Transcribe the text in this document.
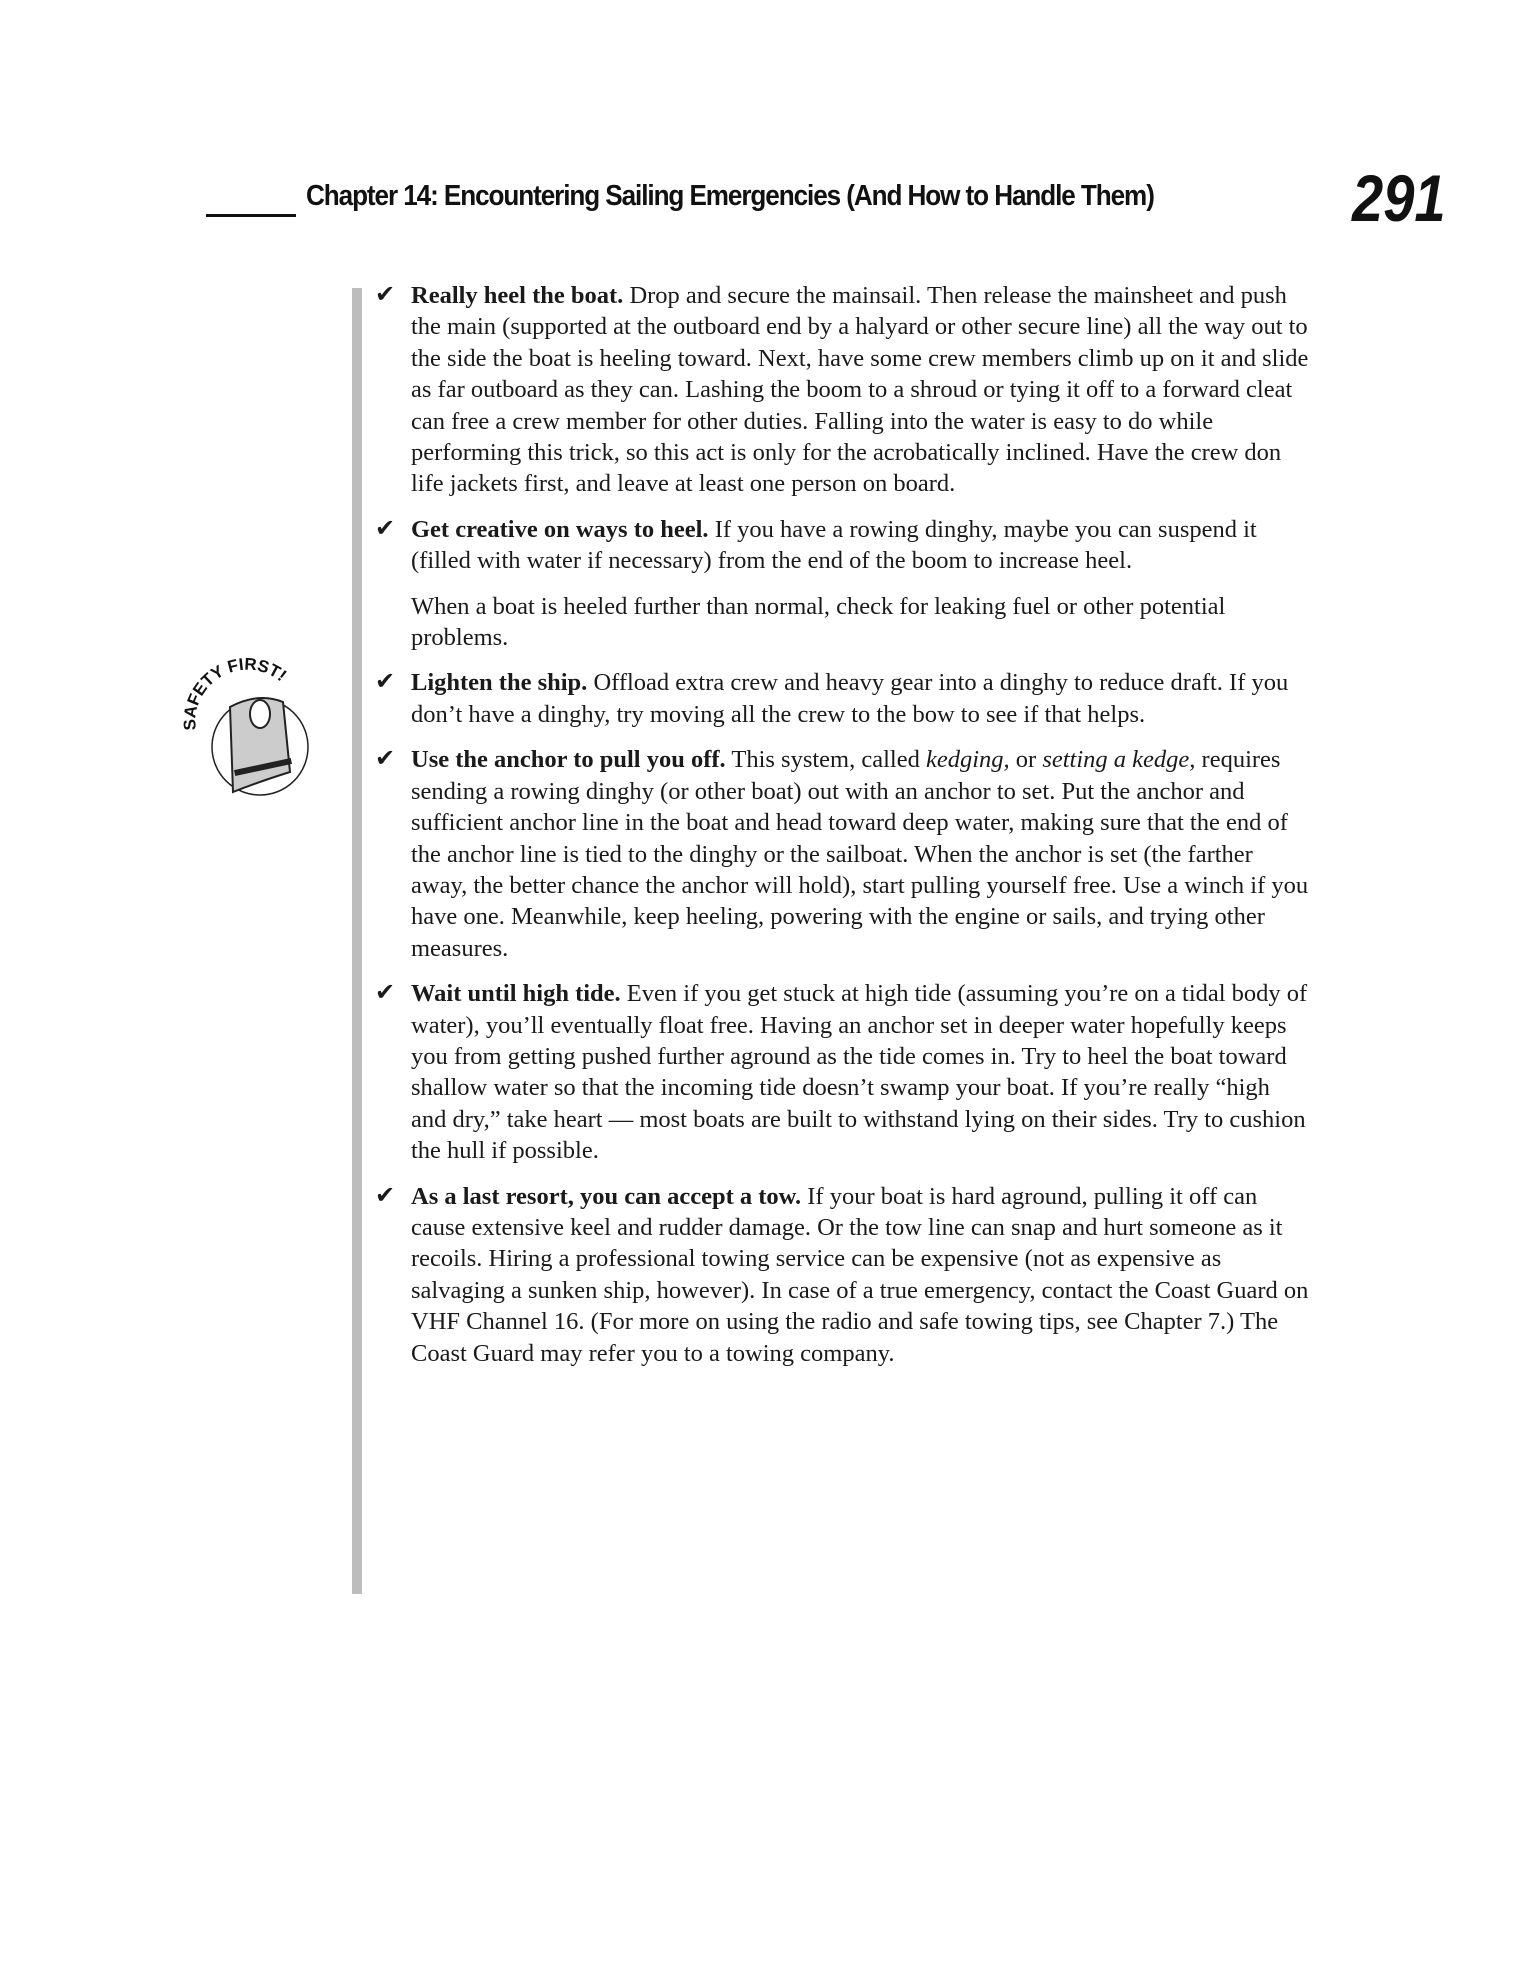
Chapter 14: Encountering Sailing Emergencies (And How to Handle Them)	291
SAFETY FIRST!
✔ Really heel the boat. Drop and secure the mainsail. Then release the mainsheet and push the main (supported at the outboard end by a halyard or other secure line) all the way out to the side the boat is heeling toward. Next, have some crew members climb up on it and slide as far outboard as they can. Lashing the boom to a shroud or tying it off to a forward cleat can free a crew member for other duties. Falling into the water is easy to do while performing this trick, so this act is only for the acrobatically inclined. Have the crew don life jackets first, and leave at least one person on board.
✔ Get creative on ways to heel. If you have a rowing dinghy, maybe you can suspend it (filled with water if necessary) from the end of the boom to increase heel.
When a boat is heeled further than normal, check for leaking fuel or other potential problems.
✔ Lighten the ship. Offload extra crew and heavy gear into a dinghy to reduce draft. If you don’t have a dinghy, try moving all the crew to the bow to see if that helps.
✔ Use the anchor to pull you off. This system, called kedging, or setting a kedge, requires sending a rowing dinghy (or other boat) out with an anchor to set. Put the anchor and sufficient anchor line in the boat and head toward deep water, making sure that the end of the anchor line is tied to the dinghy or the sailboat. When the anchor is set (the farther away, the better chance the anchor will hold), start pulling yourself free. Use a winch if you have one. Meanwhile, keep heeling, powering with the engine or sails, and trying other measures.
✔ Wait until high tide. Even if you get stuck at high tide (assuming you’re on a tidal body of water), you’ll eventually float free. Having an anchor set in deeper water hopefully keeps you from getting pushed further aground as the tide comes in. Try to heel the boat toward shallow water so that the incoming tide doesn’t swamp your boat. If you’re really “high and dry,” take heart — most boats are built to withstand lying on their sides. Try to cushion the hull if possible.
✔ As a last resort, you can accept a tow. If your boat is hard aground, pulling it off can cause extensive keel and rudder damage. Or the tow line can snap and hurt someone as it recoils. Hiring a professional towing service can be expensive (not as expensive as salvaging a sunken ship, however). In case of a true emergency, contact the Coast Guard on VHF Channel 16. (For more on using the radio and safe towing tips, see Chapter 7.) The Coast Guard may refer you to a towing company.
